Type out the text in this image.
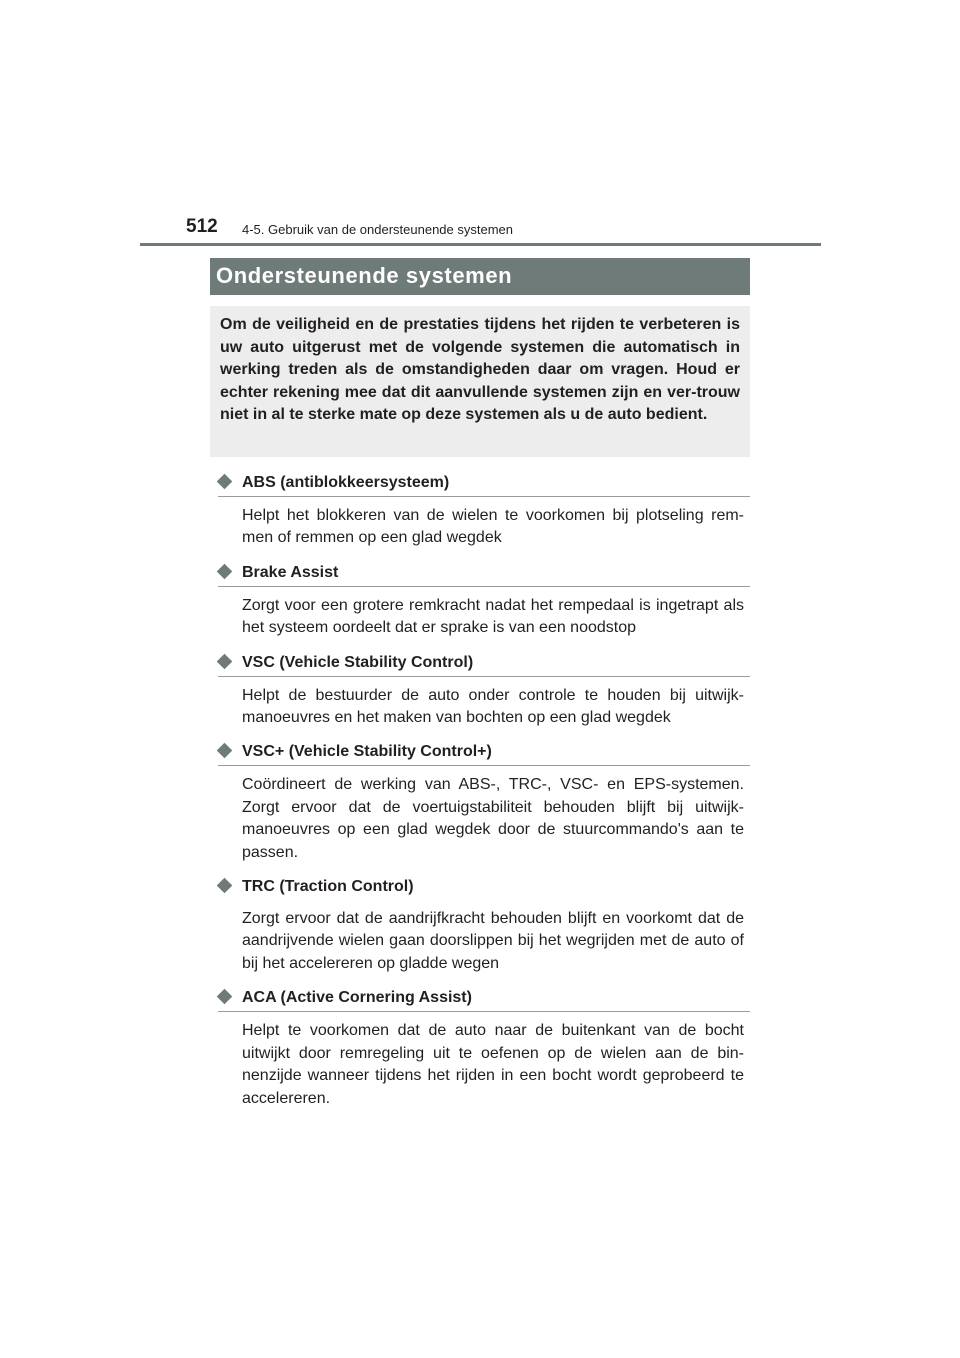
512 4-5. Gebruik van de ondersteunende systemen
Ondersteunende systemen
Om de veiligheid en de prestaties tijdens het rijden te verbeteren is uw auto uitgerust met de volgende systemen die automatisch in werking treden als de omstandigheden daar om vragen. Houd er echter rekening mee dat dit aanvullende systemen zijn en ver-trouw niet in al te sterke mate op deze systemen als u de auto bedient.
ABS (antiblokkeersysteem)

Helpt het blokkeren van de wielen te voorkomen bij plotseling rem-men of remmen op een glad wegdek

Brake Assist

Zorgt voor een grotere remkracht nadat het rempedaal is ingetrapt als het systeem oordeelt dat er sprake is van een noodstop

VSC (Vehicle Stability Control)

Helpt de bestuurder de auto onder controle te houden bij uitwijk-manoeuvres en het maken van bochten op een glad wegdek

VSC+ (Vehicle Stability Control+)

Coördineert de werking van ABS-, TRC-, VSC- en EPS-systemen. Zorgt ervoor dat de voertuigstabiliteit behouden blijft bij uitwijk-manoeuvres op een glad wegdek door de stuurcommando's aan te passen.

TRC (Traction Control)

Zorgt ervoor dat de aandrijfkracht behouden blijft en voorkomt dat de aandrijvende wielen gaan doorslippen bij het wegrijden met de auto of bij het accelereren op gladde wegen

ACA (Active Cornering Assist)

Helpt te voorkomen dat de auto naar de buitenkant van de bocht uitwijkt door remregeling uit te oefenen op de wielen aan de bin-nenzijde wanneer tijdens het rijden in een bocht wordt geprobeerd te accelereren.
